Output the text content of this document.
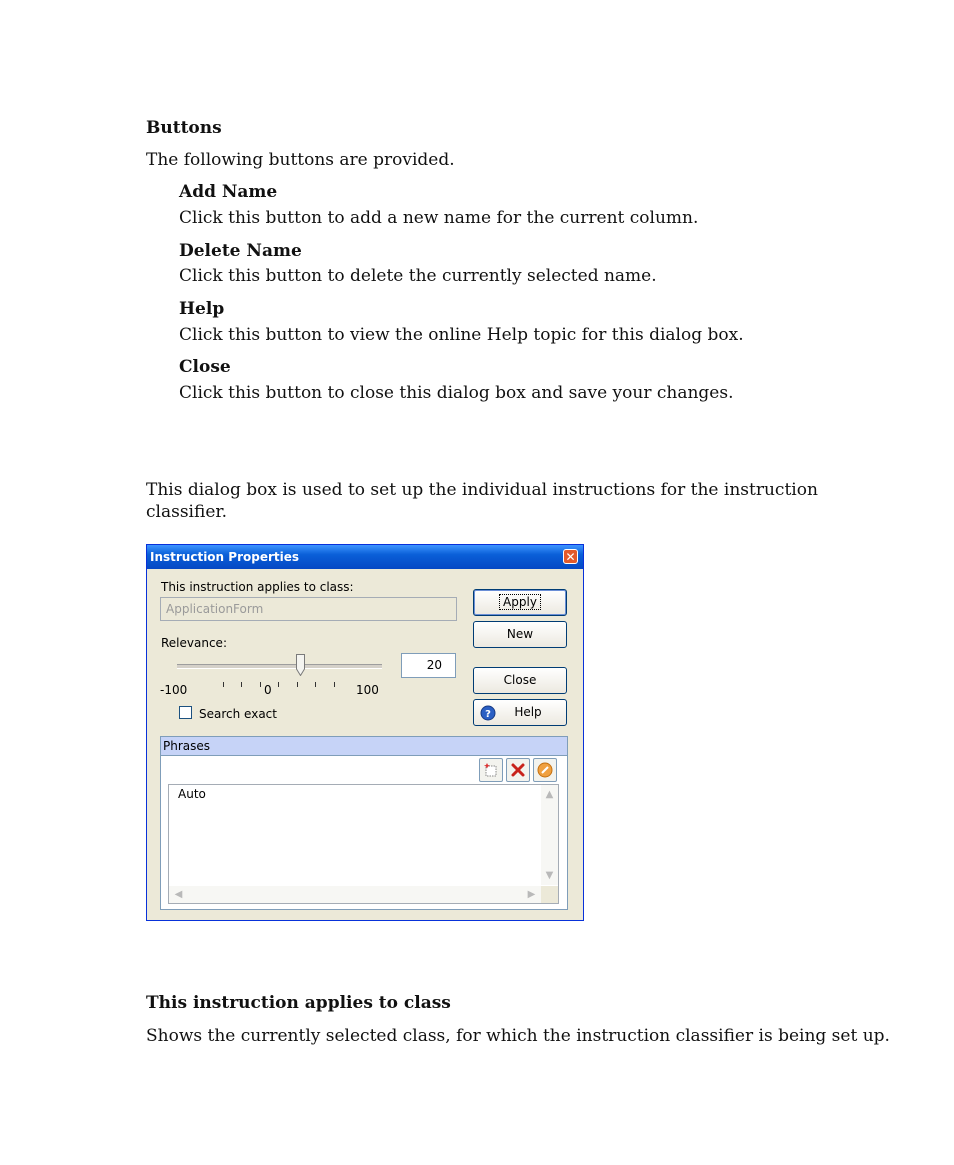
Buttons
The following buttons are provided.
Add Name
Click this button to add a new name for the current column.
Delete Name
Click this button to delete the currently selected name.
Help
Click this button to view the online Help topic for this dialog box.
Close
Click this button to close this dialog box and save your changes.
This dialog box is used to set up the individual instructions for the instruction
classifier.
Instruction Properties	✕
This instruction applies to class:
ApplicationForm
Relevance:
-100	0	100
20
Search exact
Apply
New
Close
? Help
Phrases
Auto	▲
▼
◀	▶
This instruction applies to class
Shows the currently selected class, for which the instruction classifier is being set up.
